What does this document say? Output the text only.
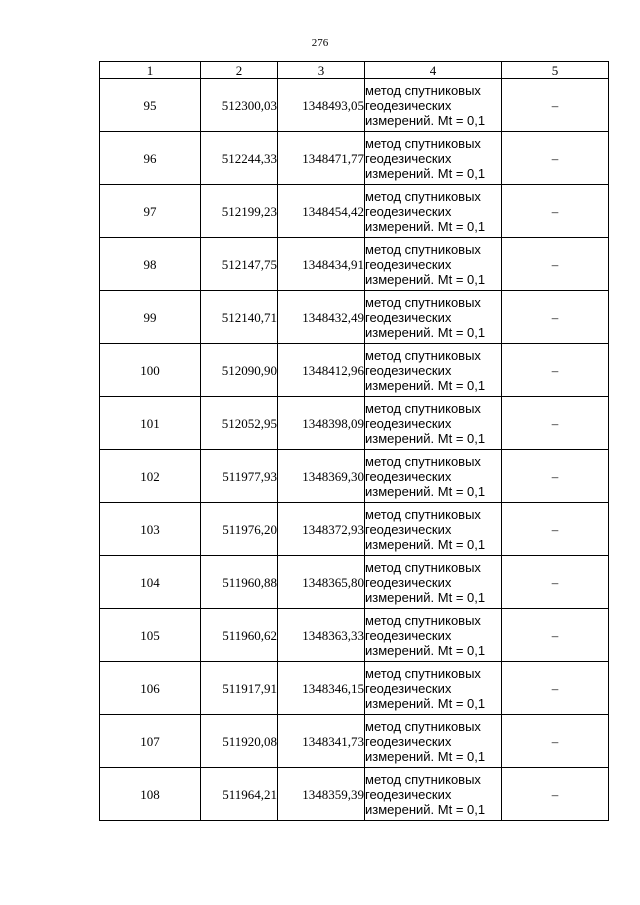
276
1	2	3	4	5
95	512300,03	1348493,05	метод спутниковых
геодезических
измерений. Mt = 0,1	–
96	512244,33	1348471,77	метод спутниковых
геодезических
измерений. Mt = 0,1	–
97	512199,23	1348454,42	метод спутниковых
геодезических
измерений. Mt = 0,1	–
98	512147,75	1348434,91	метод спутниковых
геодезических
измерений. Mt = 0,1	–
99	512140,71	1348432,49	метод спутниковых
геодезических
измерений. Mt = 0,1	–
100	512090,90	1348412,96	метод спутниковых
геодезических
измерений. Mt = 0,1	–
101	512052,95	1348398,09	метод спутниковых
геодезических
измерений. Mt = 0,1	–
102	511977,93	1348369,30	метод спутниковых
геодезических
измерений. Mt = 0,1	–
103	511976,20	1348372,93	метод спутниковых
геодезических
измерений. Mt = 0,1	–
104	511960,88	1348365,80	метод спутниковых
геодезических
измерений. Mt = 0,1	–
105	511960,62	1348363,33	метод спутниковых
геодезических
измерений. Mt = 0,1	–
106	511917,91	1348346,15	метод спутниковых
геодезических
измерений. Mt = 0,1	–
107	511920,08	1348341,73	метод спутниковых
геодезических
измерений. Mt = 0,1	–
108	511964,21	1348359,39	метод спутниковых
геодезических
измерений. Mt = 0,1	–
